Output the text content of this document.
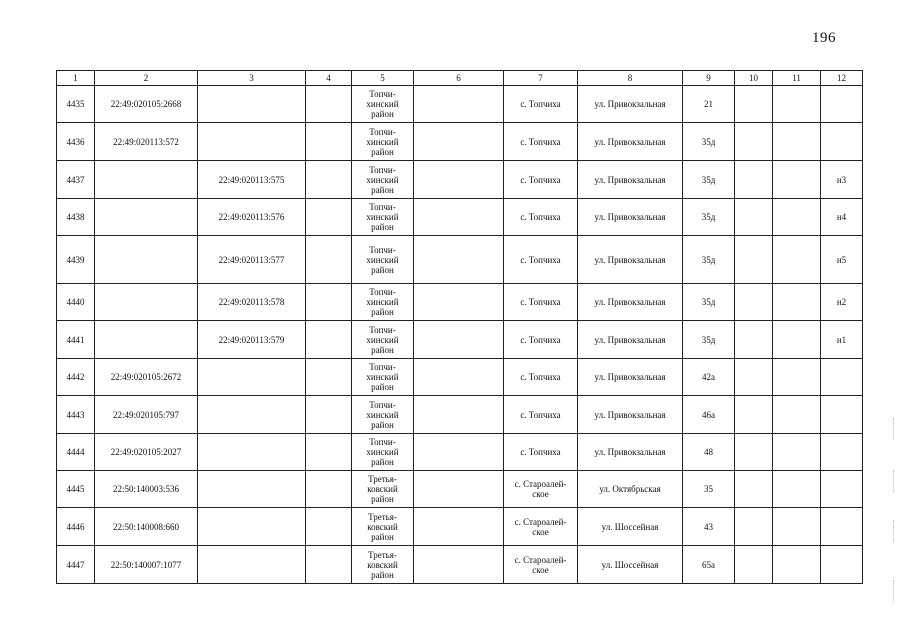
196
1	2	3	4	5	6	7	8	9	10	11	12
4435	22:49:020105:2668			Топчи-
хинский
район		с. Топчиха	ул. Привокзальная	21			
4436	22:49:020113:572			Топчи-
хинский
район		с. Топчиха	ул. Привокзальная	35д			
4437		22:49:020113:575		Топчи-
хинский
район		с. Топчиха	ул. Привокзальная	35д			н3
4438		22:49:020113:576		Топчи-
хинский
район		с. Топчиха	ул. Привокзальная	35д			н4
4439		22:49:020113:577		Топчи-
хинский
район		с. Топчиха	ул. Привокзальная	35д			н5
4440		22:49:020113:578		Топчи-
хинский
район		с. Топчиха	ул. Привокзальная	35д			н2
4441		22:49:020113:579		Топчи-
хинский
район		с. Топчиха	ул. Привокзальная	35д			н1
4442	22:49:020105:2672			Топчи-
хинский
район		с. Топчиха	ул. Привокзальная	42а			
4443	22:49:020105:797			Топчи-
хинский
район		с. Топчиха	ул. Привокзальная	46а			
4444	22:49:020105:2027			Топчи-
хинский
район		с. Топчиха	ул. Привокзальная	48			
4445	22:50:140003:536			Третья-
ковский
район		с. Староалей-
ское	ул. Октябрьская	35			
4446	22:50:140008:660			Третья-
ковский
район		с. Староалей-
ское	ул. Шоссейная	43			
4447	22:50:140007:1077			Третья-
ковский
район		с. Староалей-
ское	ул. Шоссейная	65а			
